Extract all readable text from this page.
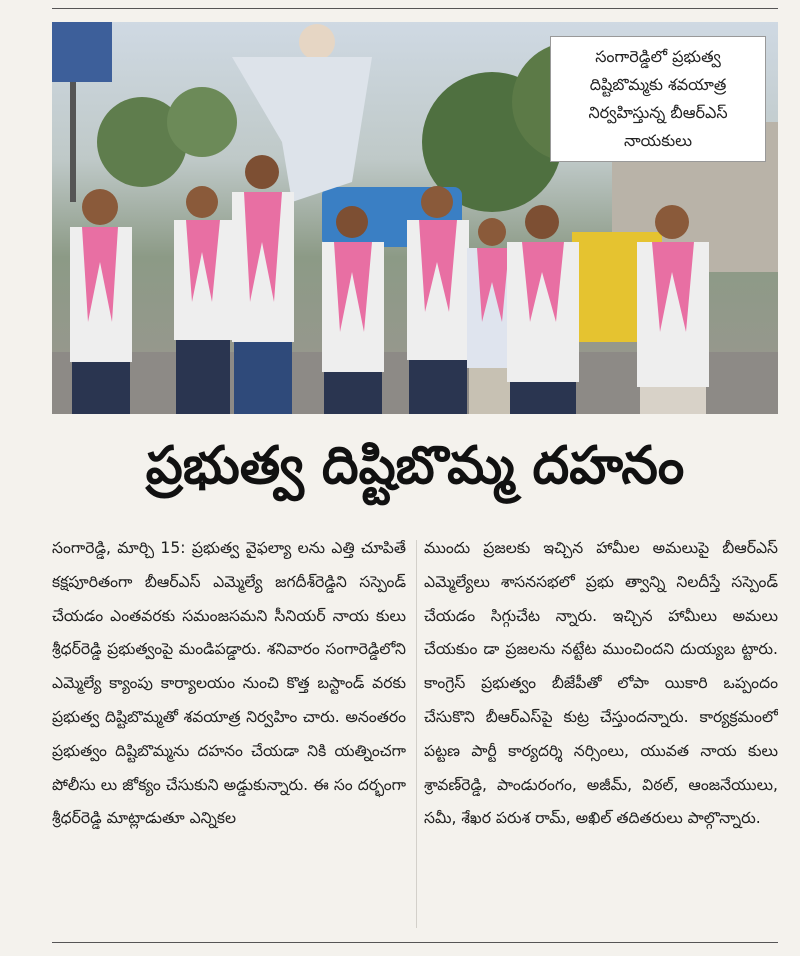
సంగారెడ్డిలో ప్రభుత్వ
దిష్టిబొమ్మకు శవయాత్ర
నిర్వహిస్తున్న బీఆర్ఎస్
నాయకులు
ప్రభుత్వ దిష్టిబొమ్మ దహనం

సంగారెడ్డి, మార్చి 15: ప్రభుత్వ వైఫల్యా లను ఎత్తి చూపితే కక్షపూరితంగా బీఆర్ఎస్ ఎమ్మెల్యే జగదీశ్‌రెడ్డిని సస్పెండ్ చేయడం ఎంతవరకు సమంజసమని సీనియర్ నాయ కులు శ్రీధర్‌రెడ్డి ప్రభుత్వంపై మండిపడ్డారు. శనివారం సంగారెడ్డిలోని ఎమ్మెల్యే క్యాంపు కార్యాలయం నుంచి కొత్త బస్టాండ్ వరకు ప్రభుత్వ దిష్టిబొమ్మతో శవయాత్ర నిర్వహిం చారు. అనంతరం ప్రభుత్వం దిష్టిబొమ్మను దహనం చేయడా నికి యత్నించగా పోలీసు లు జోక్యం చేసుకుని అడ్డుకున్నారు. ఈ సం దర్భంగా శ్రీధర్‌రెడ్డి మాట్లాడుతూ ఎన్నికల

ముందు ప్రజలకు ఇచ్చిన హామీల అమలుపై బీఆర్ఎస్ ఎమ్మెల్యేలు శాసనసభలో ప్రభు త్వాన్ని నిలదీస్తే సస్పెండ్ చేయడం సిగ్గుచేట న్నారు. ఇచ్చిన హామీలు అమలు చేయకుం డా ప్రజలను నట్టేట ముంచిందని దుయ్యబ ట్టారు. కాంగ్రెస్ ప్రభుత్వం బీజేపీతో లోపా యికారి ఒప్పందం చేసుకొని బీఆర్ఎస్‌పై కుట్ర చేస్తుందన్నారు. కార్యక్రమంలో పట్టణ పార్టీ కార్యదర్శి నర్సింలు, యువత నాయ కులు శ్రావణ్‌రెడ్డి, పాండురంగం, అజీమ్, విఠల్, ఆంజనేయులు, సమీ, శేఖర పరుశ రామ్, అఖిల్ తదితరులు పాల్గొన్నారు.
